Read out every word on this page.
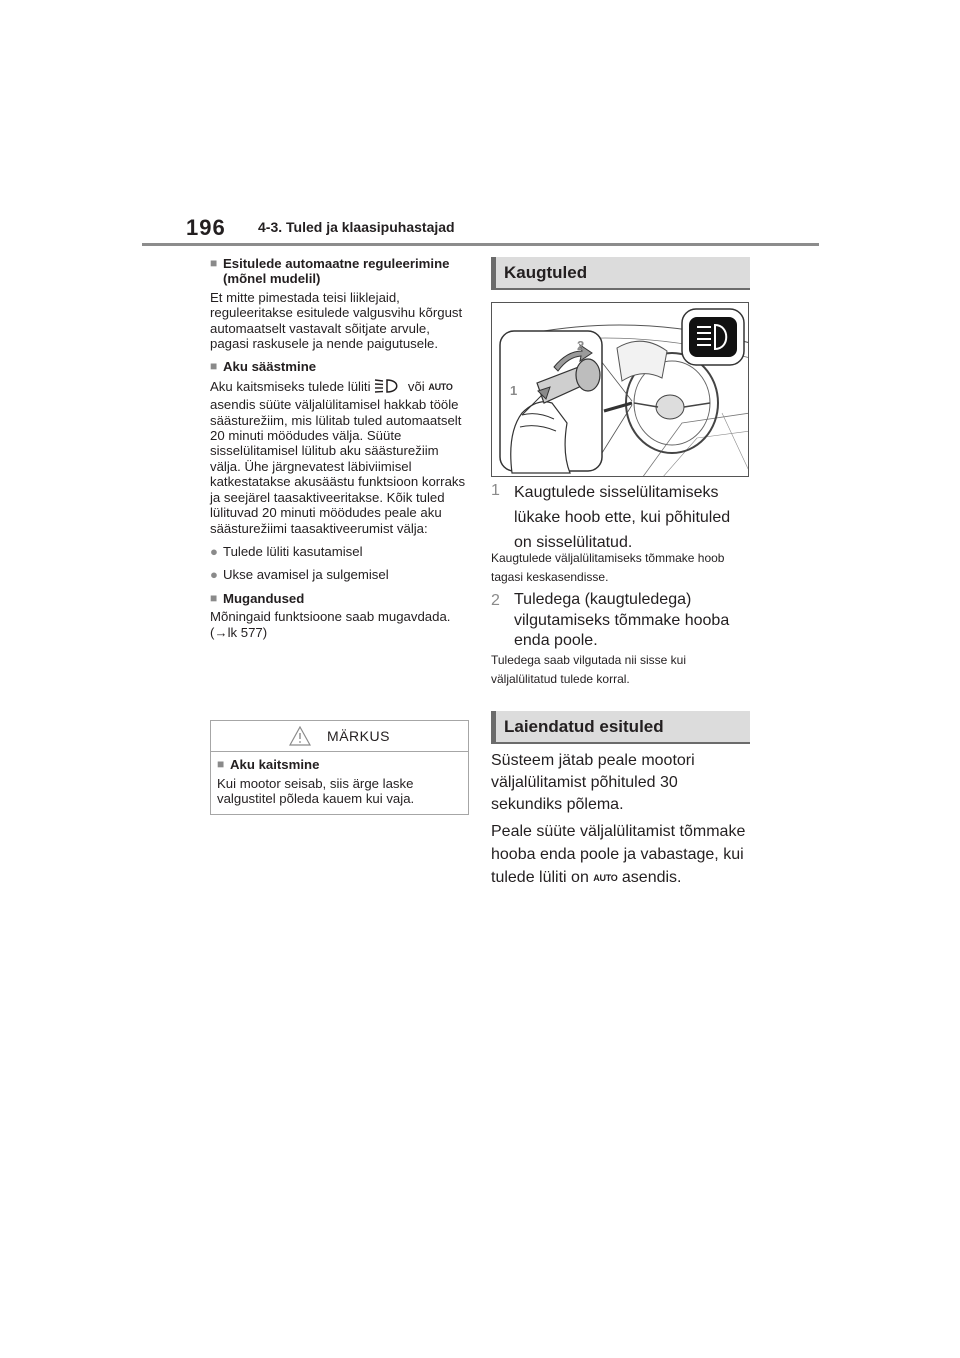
196 4-3. Tuled ja klaasipuhastajad
■ Esitulede automaatne reguleerimine (mõnel mudelil)
Et mitte pimestada teisi liiklejaid, reguleeritakse esitulede valgusvihu kõrgust automaatselt vastavalt sõitjate arvule, pagasi raskusele ja nende paigutusele.
■ Aku säästmine
Aku kaitsmiseks tulede lüliti	või AUTO asendis süüte väljalülitamisel hakkab tööle säästurežiim, mis lülitab tuled automaatselt 20 minuti möödudes välja. Süüte sisselülitamisel lülitub aku säästurežiim välja. Ühe järgnevatest läbiviimisel katkestatakse akusäästu funktsioon korraks ja seejärel taasaktiveeritakse. Kõik tuled lülituvad 20 minuti möödudes peale aku säästurežiimi taasaktiveerumist välja:
● Tulede lüliti kasutamisel
● Ukse avamisel ja sulgemisel
■ Mugandused
Mõningaid funktsioone saab mugavdada. (→lk 577)
MÄRKUS
■ Aku kaitsmine
Kui mootor seisab, siis ärge laske valgustitel põleda kauem kui vaja.
Kaugtuled
1
2
1 Kaugtulede sisselülitamiseks lükake hoob ette, kui põhituled on sisselülitatud.
Kaugtulede väljalülitamiseks tõmmake hoob tagasi keskasendisse.
2 Tuledega (kaugtuledega) vilgutamiseks tõmmake hooba enda poole.
Tuledega saab vilgutada nii sisse kui väljalülitatud tulede korral.
Laiendatud esituled
Süsteem jätab peale mootori väljalülitamist põhituled 30 sekundiks põlema.
Peale süüte väljalülitamist tõmmake hooba enda poole ja vabastage, kui tulede lüliti on AUTO asendis.
